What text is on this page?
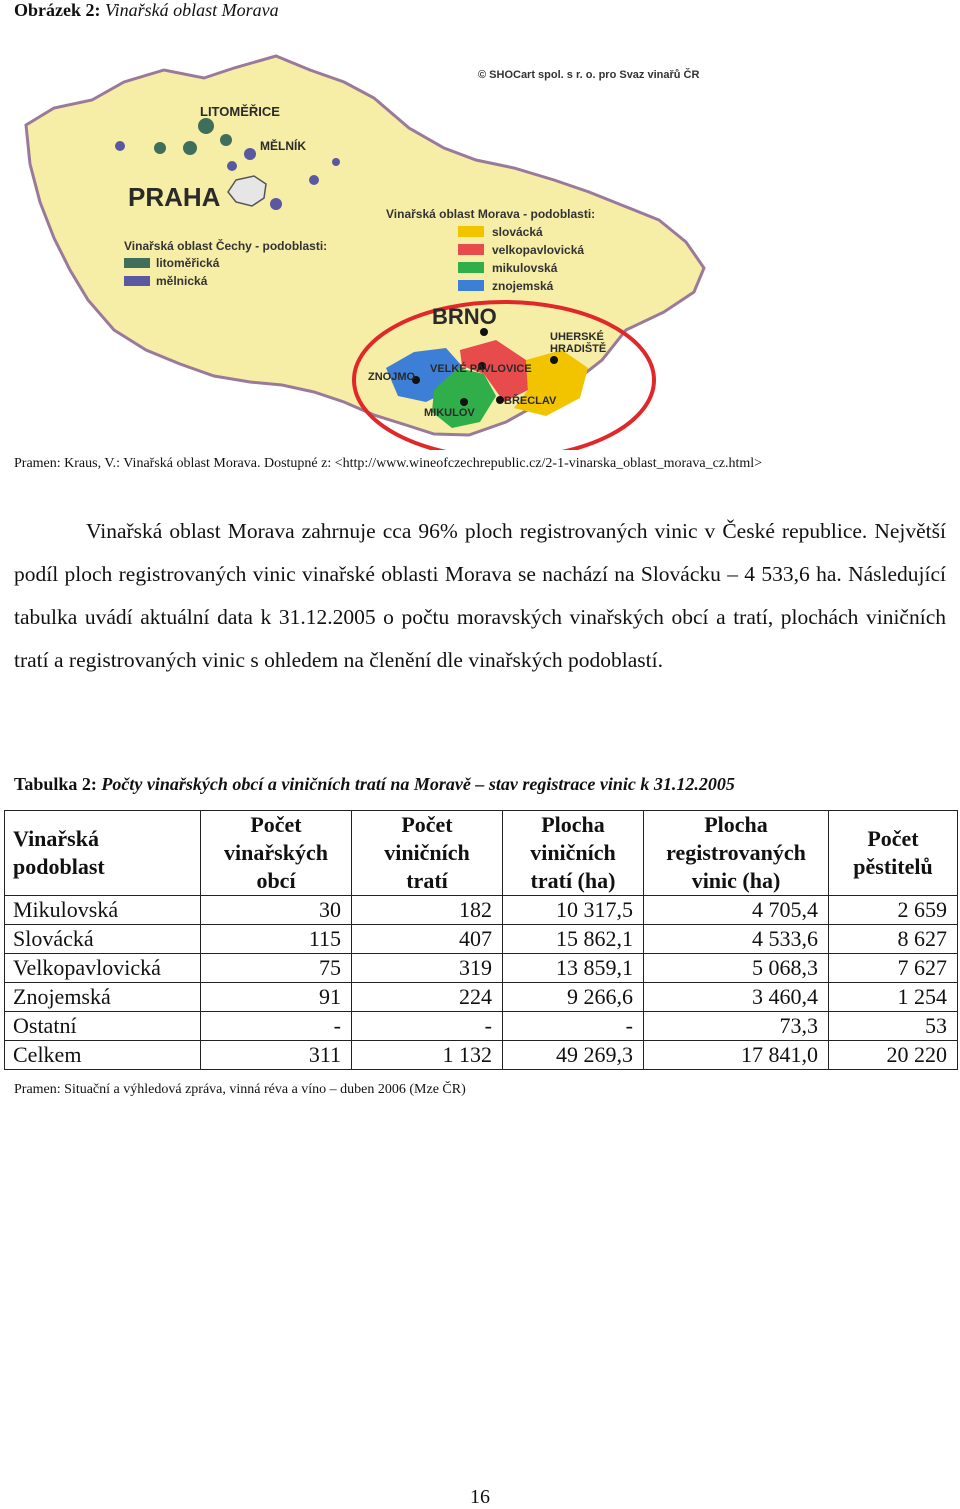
Obrázek 2: Vinařská oblast Morava
LITOMĚŘICE
MĚLNÍK
PRAHA
BRNO
UHERSKÉ
HRADIŠTĚ
ZNOJMO
VELKÉ PAVLOVICE
BŘECLAV
MIKULOV
© SHOCart spol. s r. o. pro Svaz vinařů ČR
Vinařská oblast Čechy - podoblasti:
litoměřická
mělnická
Vinařská oblast Morava - podoblasti:
slovácká
velkopavlovická
mikulovská
znojemská
Pramen: Kraus, V.: Vinařská oblast Morava. Dostupné z: <http://www.wineofczechrepublic.cz/2-1-vinarska_oblast_morava_cz.html>

Vinařská oblast Morava zahrnuje cca 96% ploch registrovaných vinic v České republice. Největší podíl ploch registrovaných vinic vinařské oblasti Morava se nachází na Slovácku – 4 533,6 ha. Následující tabulka uvádí aktuální data k 31.12.2005 o počtu moravských vinařských obcí a tratí, plochách viničních tratí a registrovaných vinic s ohledem na členění dle vinařských podoblastí.

Tabulka 2: Počty vinařských obcí a viničních tratí na Moravě – stav registrace vinic k 31.12.2005
Vinařská
podoblast	Počet
vinařských
obcí	Počet
viničních
tratí	Plocha
viničních
tratí (ha)	Plocha
registrovaných
vinic (ha)	Počet
pěstitelů
Mikulovská	30	182	10 317,5	4 705,4	2 659
Slovácká	115	407	15 862,1	4 533,6	8 627
Velkopavlovická	75	319	13 859,1	5 068,3	7 627
Znojemská	91	224	9 266,6	3 460,4	1 254
Ostatní	-	-	-	73,3	53
Celkem	311	1 132	49 269,3	17 841,0	20 220
Pramen: Situační a výhledová zpráva, vinná réva a víno – duben 2006 (Mze ČR)
16
